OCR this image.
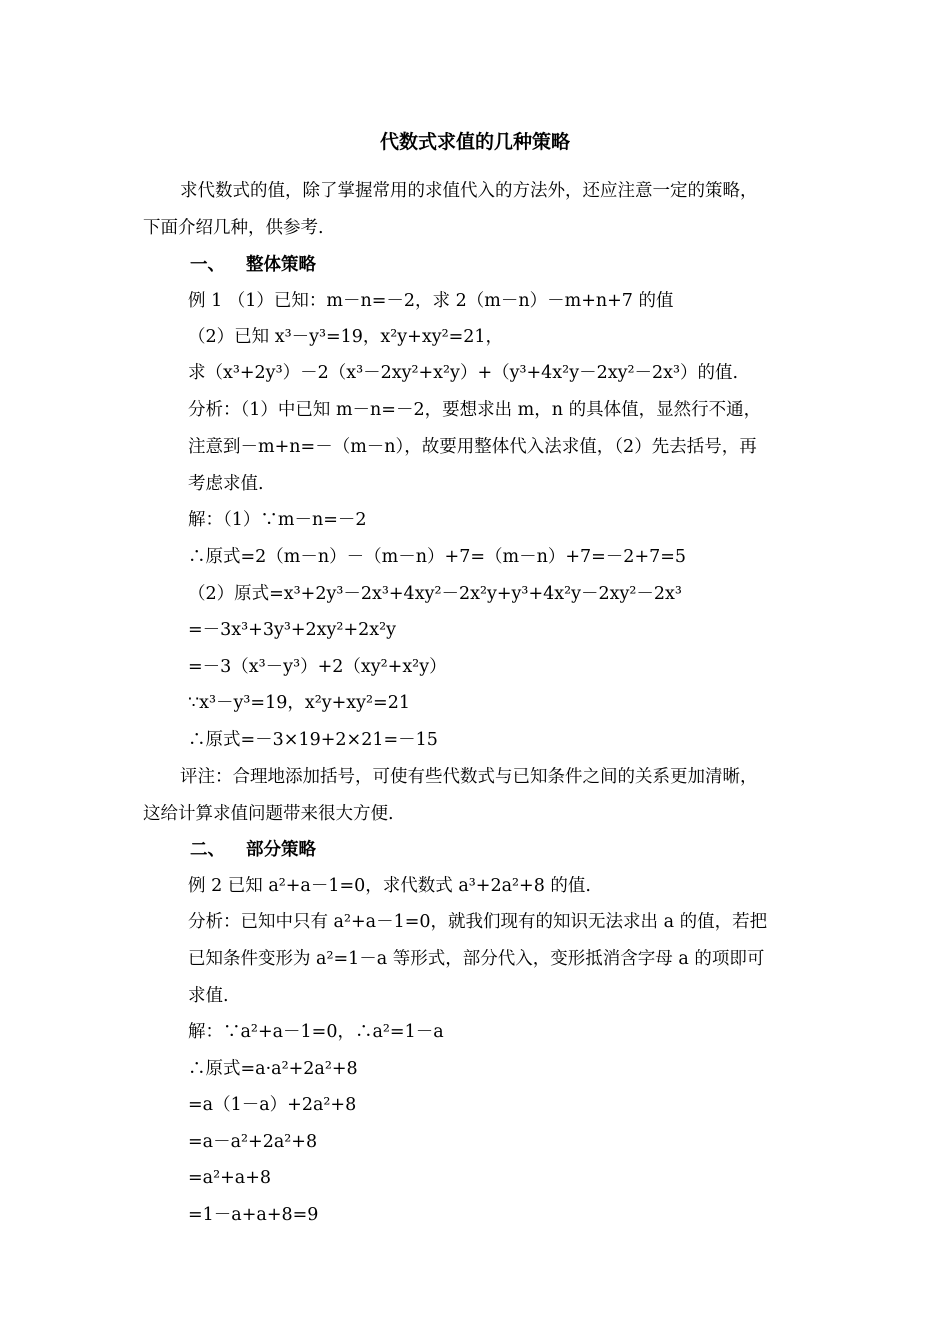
代数式求值的几种策略
求代数式的值，除了掌握常用的求值代入的方法外，还应注意一定的策略，
下面介绍几种，供参考.
一、 整体策略
例 1 （1）已知：m－n=－2，求 2（m－n）－m+n+7 的值
（2）已知 x³－y³=19，x²y+xy²=21，
求（x³+2y³）－2（x³－2xy²+x²y）+（y³+4x²y－2xy²－2x³）的值.
分析：（1）中已知 m－n=－2，要想求出 m，n 的具体值，显然行不通，
注意到－m+n=－（m－n），故要用整体代入法求值，（2）先去括号，再
考虑求值.
解：（1）∵m－n=－2
∴原式=2（m－n）－（m－n）+7=（m－n）+7=－2+7=5
（2）原式=x³+2y³－2x³+4xy²－2x²y+y³+4x²y－2xy²－2x³
=－3x³+3y³+2xy²+2x²y
=－3（x³－y³）+2（xy²+x²y）
∵x³－y³=19，x²y+xy²=21
∴原式=－3×19+2×21=－15
评注：合理地添加括号，可使有些代数式与已知条件之间的关系更加清晰，
这给计算求值问题带来很大方便.
二、 部分策略
例 2 已知 a²+a－1=0，求代数式 a³+2a²+8 的值.
分析：已知中只有 a²+a－1=0，就我们现有的知识无法求出 a 的值，若把
已知条件变形为 a²=1－a 等形式，部分代入，变形抵消含字母 a 的项即可
求值.
解：∵a²+a－1=0，∴a²=1－a
∴原式=a·a²+2a²+8
=a（1－a）+2a²+8
=a－a²+2a²+8
=a²+a+8
=1－a+a+8=9
